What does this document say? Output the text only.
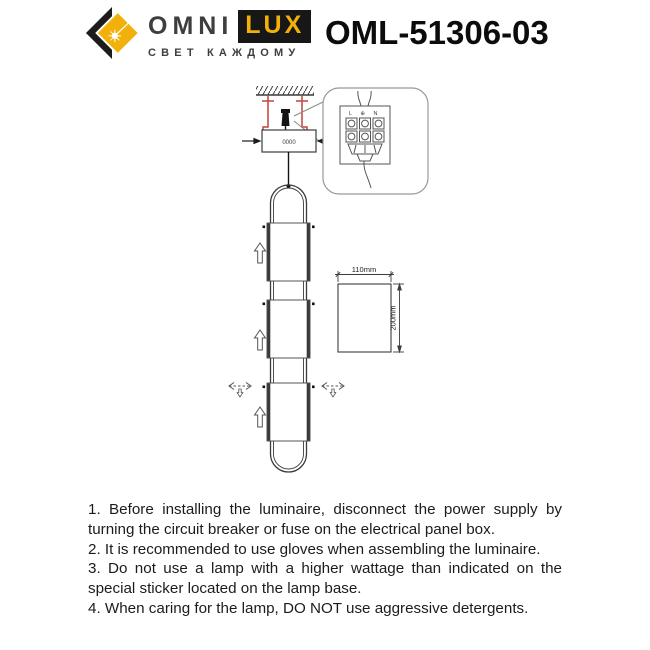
OMNI LUX
СВЕТ КАЖДОМУ
OML-51306-03
0000
L ⊕ N
110mm
200mm

1. Before installing the luminaire, disconnect the power supply by turning the circuit breaker or fuse on the electrical panel box.

2. It is recommended to use gloves when assembling the luminaire.

3. Do not use a lamp with a higher wattage than indicated on the special sticker located on the lamp base.

4. When caring for the lamp, DO NOT use aggressive detergents.
